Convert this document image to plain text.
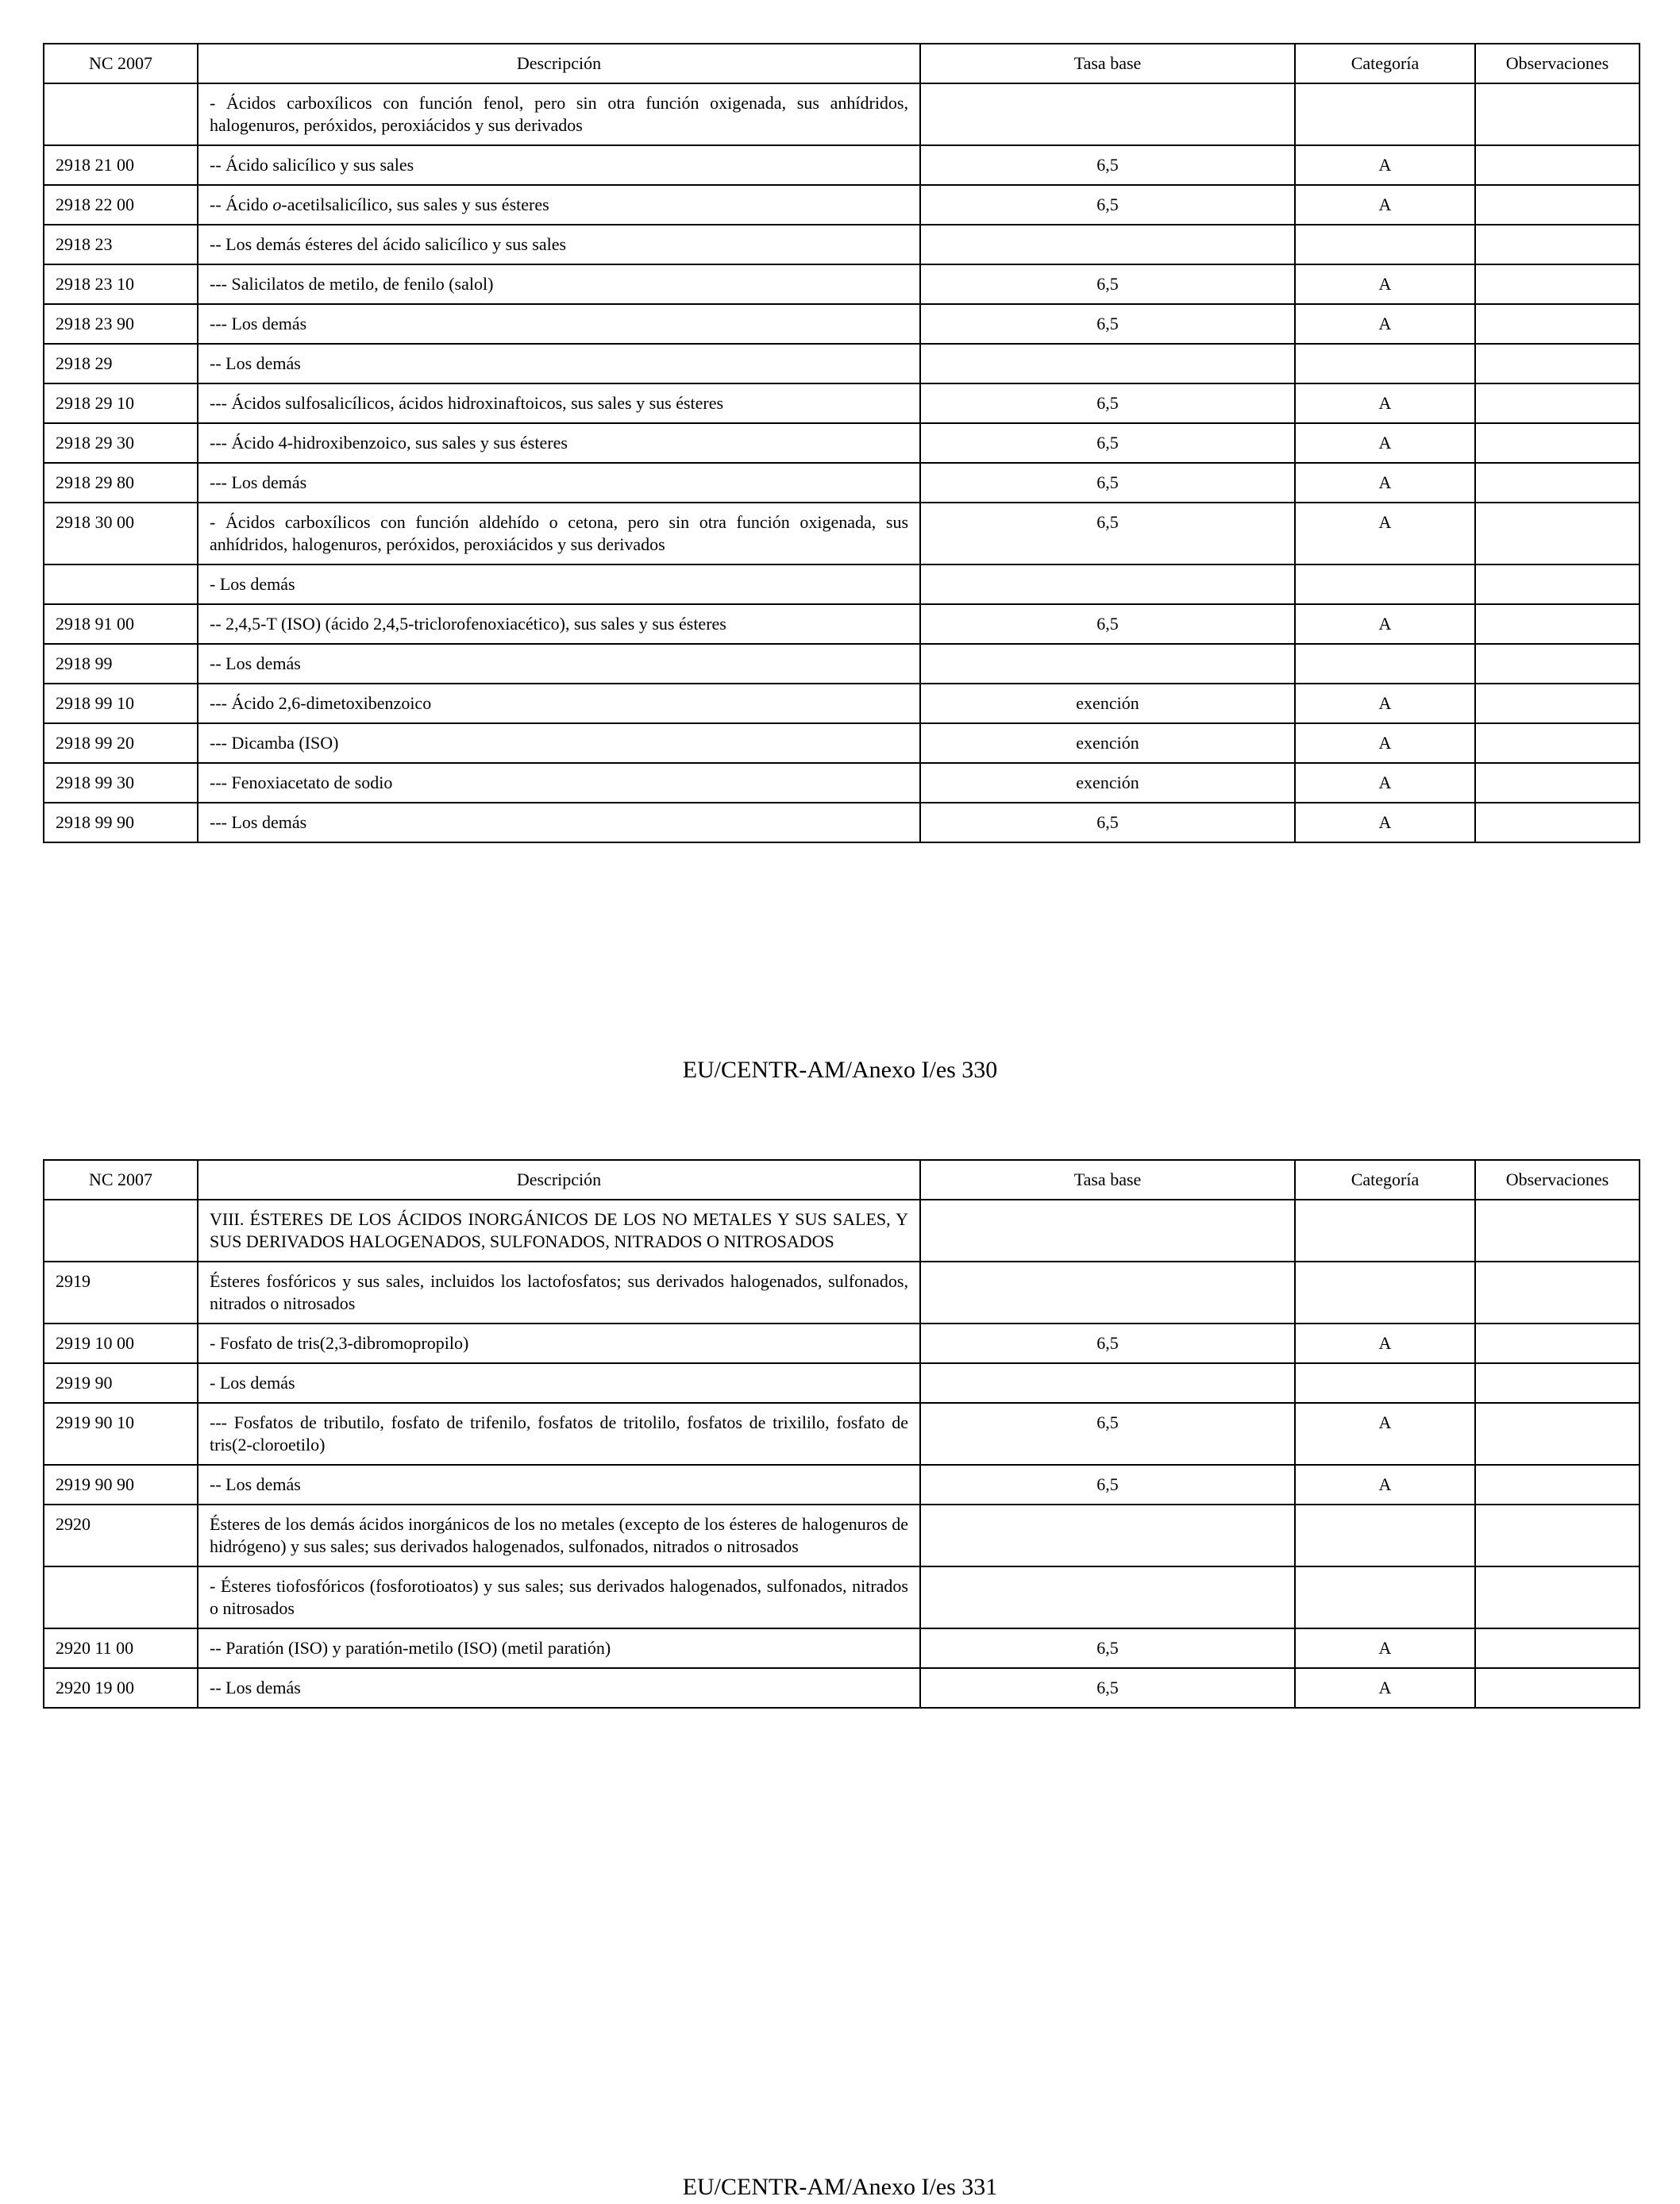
NC 2007	Descripción	Tasa base	Categoría	Observaciones
	- Ácidos carboxílicos con función fenol, pero sin otra función oxigenada, sus anhídridos, halogenuros, peróxidos, peroxiácidos y sus derivados			
2918 21 00	-- Ácido salicílico y sus sales	6,5	A	
2918 22 00	-- Ácido o-acetilsalicílico, sus sales y sus ésteres	6,5	A	
2918 23	-- Los demás ésteres del ácido salicílico y sus sales			
2918 23 10	--- Salicilatos de metilo, de fenilo (salol)	6,5	A	
2918 23 90	--- Los demás	6,5	A	
2918 29	-- Los demás			
2918 29 10	--- Ácidos sulfosalicílicos, ácidos hidroxinaftoicos, sus sales y sus ésteres	6,5	A	
2918 29 30	--- Ácido 4-hidroxibenzoico, sus sales y sus ésteres	6,5	A	
2918 29 80	--- Los demás	6,5	A	
2918 30 00	- Ácidos carboxílicos con función aldehído o cetona, pero sin otra función oxigenada, sus anhídridos, halogenuros, peróxidos, peroxiácidos y sus derivados	6,5	A	
	- Los demás			
2918 91 00	-- 2,4,5-T (ISO) (ácido 2,4,5-triclorofenoxiacético), sus sales y sus ésteres	6,5	A	
2918 99	-- Los demás			
2918 99 10	--- Ácido 2,6-dimetoxibenzoico	exención	A	
2918 99 20	--- Dicamba (ISO)	exención	A	
2918 99 30	--- Fenoxiacetato de sodio	exención	A	
2918 99 90	--- Los demás	6,5	A	
EU/CENTR-AM/Anexo I/es 330
NC 2007	Descripción	Tasa base	Categoría	Observaciones
	VIII. ÉSTERES DE LOS ÁCIDOS INORGÁNICOS DE LOS NO METALES Y SUS SALES, Y SUS DERIVADOS HALOGENADOS, SULFONADOS, NITRADOS O NITROSADOS			
2919	Ésteres fosfóricos y sus sales, incluidos los lactofosfatos; sus derivados halogenados, sulfonados, nitrados o nitrosados			
2919 10 00	- Fosfato de tris(2,3-dibromopropilo)	6,5	A	
2919 90	- Los demás			
2919 90 10	--- Fosfatos de tributilo, fosfato de trifenilo, fosfatos de tritolilo, fosfatos de trixililo, fosfato de tris(2-cloroetilo)	6,5	A	
2919 90 90	-- Los demás	6,5	A	
2920	Ésteres de los demás ácidos inorgánicos de los no metales (excepto de los ésteres de halogenuros de hidrógeno) y sus sales; sus derivados halogenados, sulfonados, nitrados o nitrosados			
	- Ésteres tiofosfóricos (fosforotioatos) y sus sales; sus derivados halogenados, sulfonados, nitrados o nitrosados			
2920 11 00	-- Paratión (ISO) y paratión-metilo (ISO) (metil paratión)	6,5	A	
2920 19 00	-- Los demás	6,5	A	
EU/CENTR-AM/Anexo I/es 331
